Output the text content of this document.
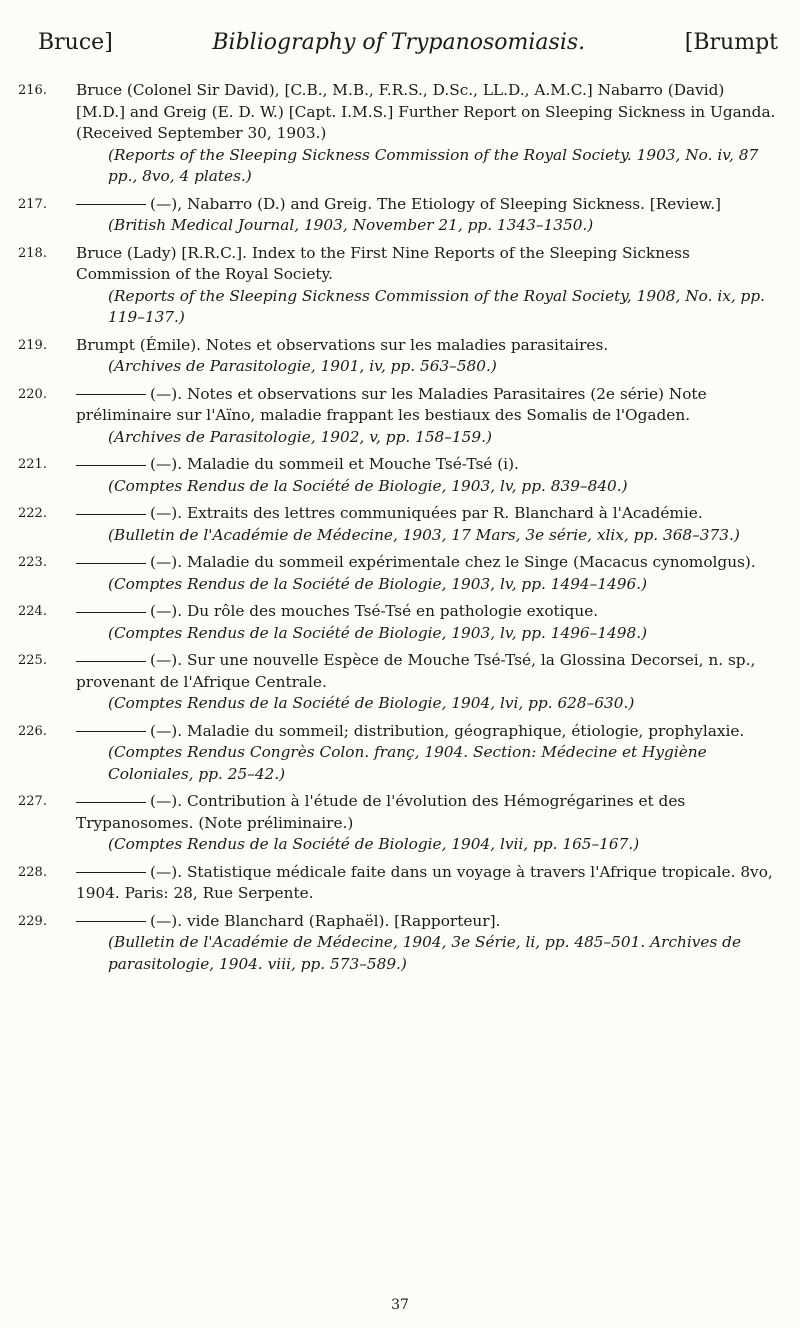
Bruce]	Bibliography of Trypanosomiasis.	[Brumpt
216. Bruce (Colonel Sir David), [C.B., M.B., F.R.S., D.Sc., LL.D., A.M.C.] Nabarro (David) [M.D.] and Greig (E. D. W.) [Capt. I.M.S.] Further Report on Sleeping Sickness in Uganda. (Received September 30, 1903.)
(Reports of the Sleeping Sickness Commission of the Royal Society. 1903, No. iv, 87 pp., 8vo, 4 plates.)
217.	(—), Nabarro (D.) and Greig. The Etiology of Sleeping Sickness. [Review.]
(British Medical Journal, 1903, November 21, pp. 1343–1350.)
218. Bruce (Lady) [R.R.C.]. Index to the First Nine Reports of the Sleeping Sickness Commission of the Royal Society.
(Reports of the Sleeping Sickness Commission of the Royal Society, 1908, No. ix, pp. 119–137.)
219. Brumpt (Émile). Notes et observations sur les maladies parasitaires.
(Archives de Parasitologie, 1901, iv, pp. 563–580.)
220.	(—). Notes et observations sur les Maladies Parasitaires (2e série) Note préliminaire sur l'Aïno, maladie frappant les bestiaux des Somalis de l'Ogaden.
(Archives de Parasitologie, 1902, v, pp. 158–159.)
221.	(—). Maladie du sommeil et Mouche Tsé-Tsé (i).
(Comptes Rendus de la Société de Biologie, 1903, lv, pp. 839–840.)
222.	(—). Extraits des lettres communiquées par R. Blanchard à l'Académie.
(Bulletin de l'Académie de Médecine, 1903, 17 Mars, 3e série, xlix, pp. 368–373.)
223.	(—). Maladie du sommeil expérimentale chez le Singe (Macacus cynomolgus).
(Comptes Rendus de la Société de Biologie, 1903, lv, pp. 1494–1496.)
224.	(—). Du rôle des mouches Tsé-Tsé en pathologie exotique.
(Comptes Rendus de la Société de Biologie, 1903, lv, pp. 1496–1498.)
225.	(—). Sur une nouvelle Espèce de Mouche Tsé-Tsé, la Glossina Decorsei, n. sp., provenant de l'Afrique Centrale.
(Comptes Rendus de la Société de Biologie, 1904, lvi, pp. 628–630.)
226.	(—). Maladie du sommeil; distribution, géographique, étiologie, prophylaxie.
(Comptes Rendus Congrès Colon. franç, 1904. Section: Médecine et Hygiène Coloniales, pp. 25–42.)
227.	(—). Contribution à l'étude de l'évolution des Hémogrégarines et des Trypanosomes. (Note préliminaire.)
(Comptes Rendus de la Société de Biologie, 1904, lvii, pp. 165–167.)
228.	(—). Statistique médicale faite dans un voyage à travers l'Afrique tropicale. 8vo, 1904. Paris: 28, Rue Serpente.
229.	(—). vide Blanchard (Raphaël). [Rapporteur].
(Bulletin de l'Académie de Médecine, 1904, 3e Série, li, pp. 485–501. Archives de parasitologie, 1904. viii, pp. 573–589.)
37
